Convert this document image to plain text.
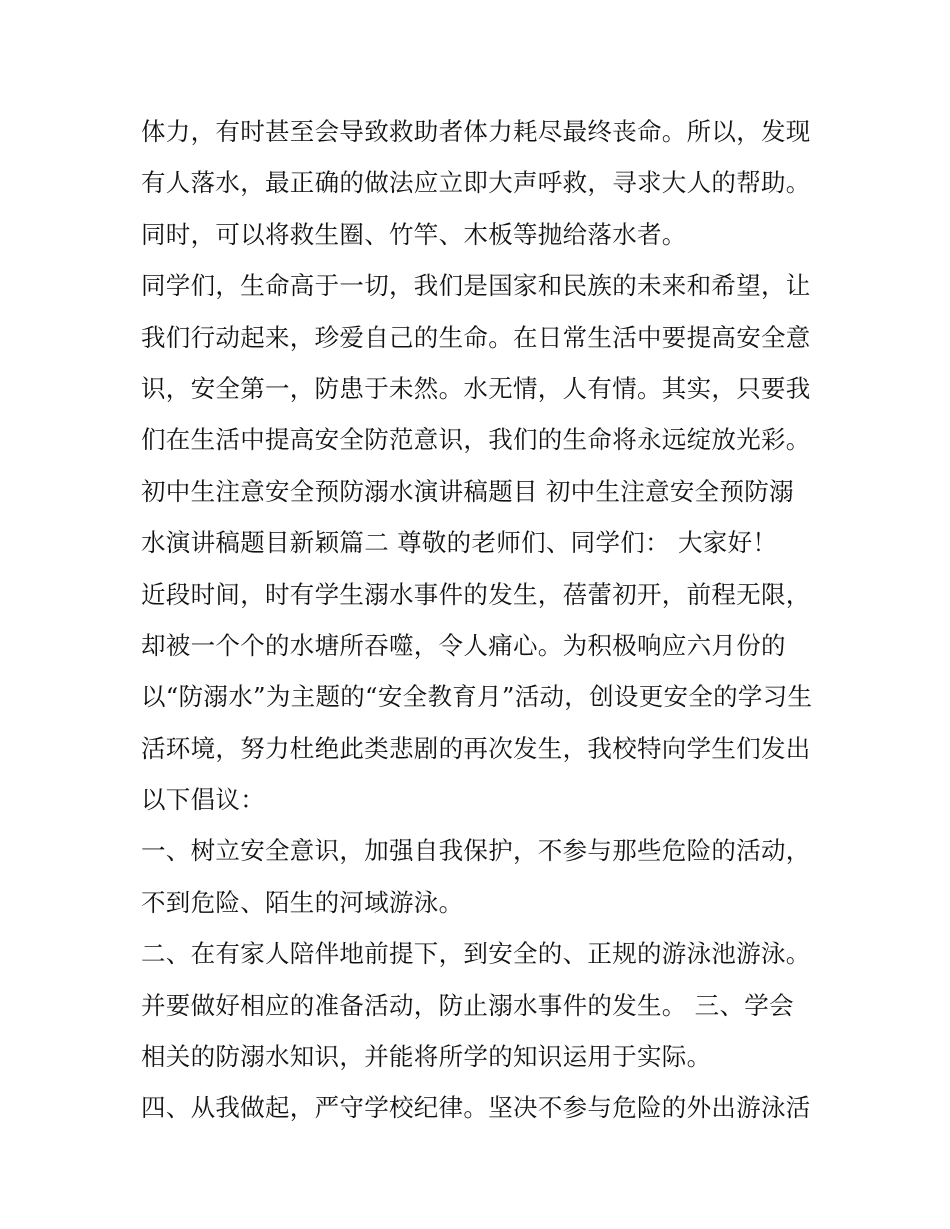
体力，有时甚至会导致救助者体力耗尽最终丧命。所以，发现
有人落水，最正确的做法应立即大声呼救，寻求大人的帮助。
同时，可以将救生圈、竹竿、木板等抛给落水者。
同学们，生命高于一切，我们是国家和民族的未来和希望，让
我们行动起来，珍爱自己的生命。在日常生活中要提高安全意
识，安全第一，防患于未然。水无情，人有情。其实，只要我
们在生活中提高安全防范意识，我们的生命将永远绽放光彩。
初中生注意安全预防溺水演讲稿题目 初中生注意安全预防溺
水演讲稿题目新颖篇二 尊敬的老师们、同学们： 大家好！
近段时间，时有学生溺水事件的发生，蓓蕾初开，前程无限，
却被一个个的水塘所吞噬，令人痛心。为积极响应六月份的
以“防溺水”为主题的“安全教育月”活动，创设更安全的学习生
活环境，努力杜绝此类悲剧的再次发生，我校特向学生们发出
以下倡议：
一、树立安全意识，加强自我保护，不参与那些危险的活动，
不到危险、陌生的河域游泳。
二、在有家人陪伴地前提下，到安全的、正规的游泳池游泳。
并要做好相应的准备活动，防止溺水事件的发生。 三、学会
相关的防溺水知识，并能将所学的知识运用于实际。
四、从我做起，严守学校纪律。坚决不参与危险的外出游泳活
